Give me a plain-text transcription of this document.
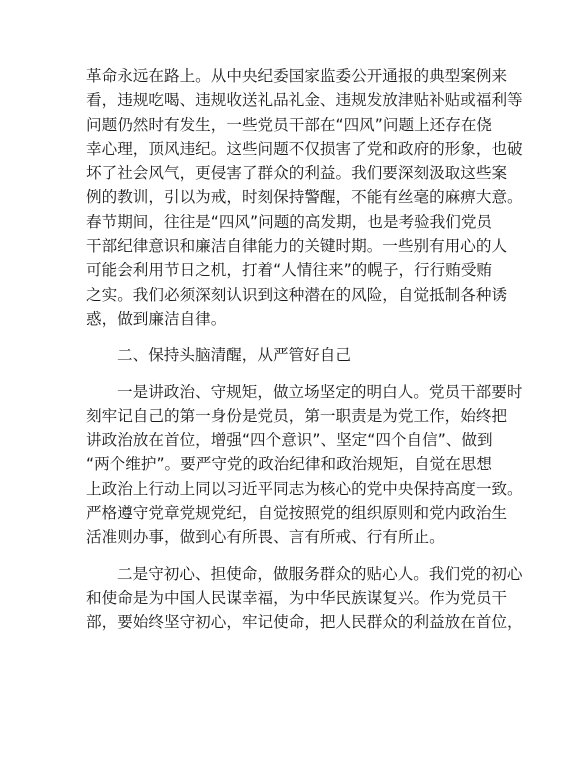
革命永远在路上。从中央纪委国家监委公开通报的典型案例来
看，违规吃喝、违规收送礼品礼金、违规发放津贴补贴或福利等
问题仍然时有发生，一些党员干部在“四风”问题上还存在侥
幸心理，顶风违纪。这些问题不仅损害了党和政府的形象，也破
坏了社会风气，更侵害了群众的利益。我们要深刻汲取这些案
例的教训，引以为戒，时刻保持警醒，不能有丝毫的麻痹大意。
春节期间，往往是“四风”问题的高发期，也是考验我们党员
干部纪律意识和廉洁自律能力的关键时期。一些别有用心的人
可能会利用节日之机，打着“人情往来”的幌子，行行贿受贿
之实。我们必须深刻认识到这种潜在的风险，自觉抵制各种诱
惑，做到廉洁自律。
二、保持头脑清醒，从严管好自己
一是讲政治、守规矩，做立场坚定的明白人。党员干部要时
刻牢记自己的第一身份是党员，第一职责是为党工作，始终把
讲政治放在首位，增强“四个意识”、坚定“四个自信”、做到
“两个维护”。要严守党的政治纪律和政治规矩，自觉在思想
上政治上行动上同以习近平同志为核心的党中央保持高度一致。
严格遵守党章党规党纪，自觉按照党的组织原则和党内政治生
活准则办事，做到心有所畏、言有所戒、行有所止。
二是守初心、担使命，做服务群众的贴心人。我们党的初心
和使命是为中国人民谋幸福，为中华民族谋复兴。作为党员干
部，要始终坚守初心，牢记使命，把人民群众的利益放在首位，
